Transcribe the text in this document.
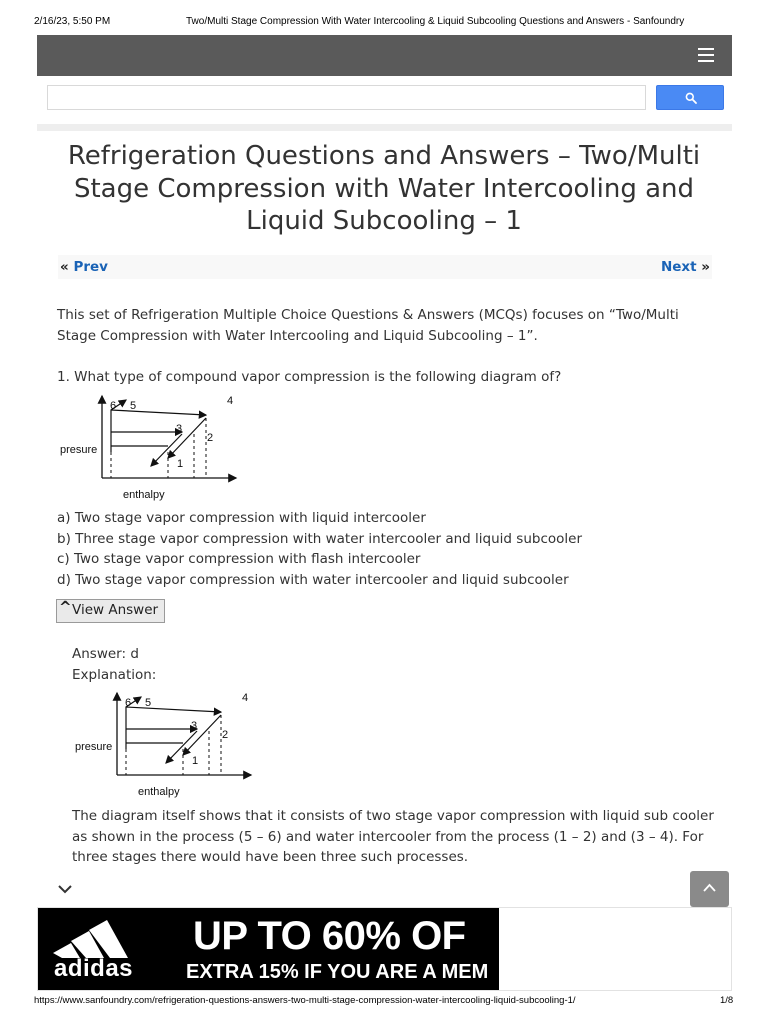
2/16/23, 5:50 PM	Two/Multi Stage Compression With Water Intercooling & Liquid Subcooling Questions and Answers - Sanfoundry
Refrigeration Questions and Answers – Two/Multi Stage Compression with Water Intercooling and Liquid Subcooling – 1
« Prev	Next »

This set of Refrigeration Multiple Choice Questions & Answers (MCQs) focuses on “Two/Multi Stage Compression with Water Intercooling and Liquid Subcooling – 1”.

1. What type of compound vapor compression is the following diagram of?

presure
enthalpy
6 5	4
3
2
1
a) Two stage vapor compression with liquid intercooler
b) Three stage vapor compression with water intercooler and liquid subcooler
c) Two stage vapor compression with flash intercooler
d) Two stage vapor compression with water intercooler and liquid subcooler
^ View Answer
Answer: d
Explanation:
presure
enthalpy
6 5	4
3
2
1

The diagram itself shows that it consists of two stage vapor compression with liquid sub cooler as shown in the process (5 – 6) and water intercooler from the process (1 – 2) and (3 – 4). For three stages there would have been three such processes.

adidas
UP TO 60% OF
EXTRA 15% IF YOU ARE A MEM
https://www.sanfoundry.com/refrigeration-questions-answers-two-multi-stage-compression-water-intercooling-liquid-subcooling-1/	1/8
